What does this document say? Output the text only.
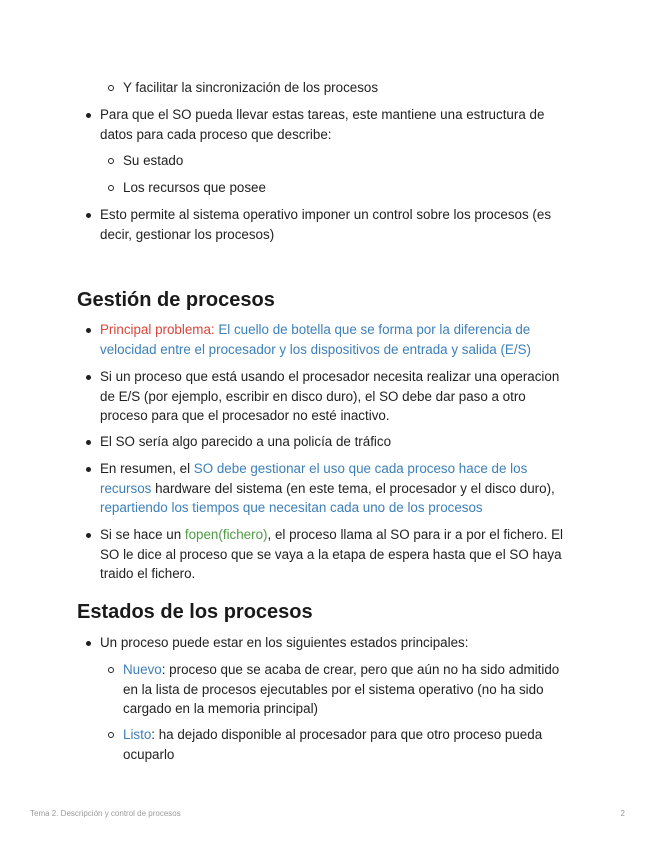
Y facilitar la sincronización de los procesos
Para que el SO pueda llevar estas tareas, este mantiene una estructura de datos para cada proceso que describe:
Su estado
Los recursos que posee
Esto permite al sistema operativo imponer un control sobre los procesos (es decir, gestionar los procesos)
Gestión de procesos
Principal problema: El cuello de botella que se forma por la diferencia de velocidad entre el procesador y los dispositivos de entrada y salida (E/S)
Si un proceso que está usando el procesador necesita realizar una operacion de E/S (por ejemplo, escribir en disco duro), el SO debe dar paso a otro proceso para que el procesador no esté inactivo.
El SO sería algo parecido a una policía de tráfico
En resumen, el SO debe gestionar el uso que cada proceso hace de los recursos hardware del sistema (en este tema, el procesador y el disco duro), repartiendo los tiempos que necesitan cada uno de los procesos
Si se hace un fopen(fichero), el proceso llama al SO para ir a por el fichero. El SO le dice al proceso que se vaya a la etapa de espera hasta que el SO haya traido el fichero.
Estados de los procesos
Un proceso puede estar en los siguientes estados principales:
Nuevo: proceso que se acaba de crear, pero que aún no ha sido admitido en la lista de procesos ejecutables por el sistema operativo (no ha sido cargado en la memoria principal)
Listo: ha dejado disponible al procesador para que otro proceso pueda ocuparlo
Tema 2. Descripción y control de procesos	2
